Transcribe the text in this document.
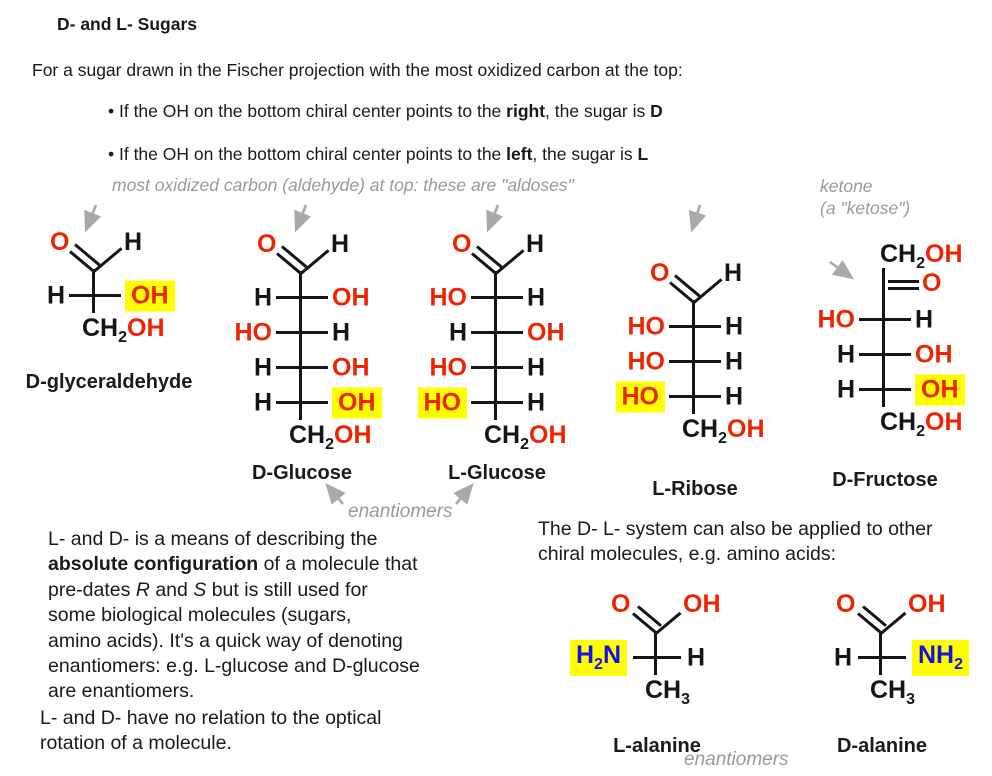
D- and L- Sugars
For a sugar drawn in the Fischer projection with the most oxidized carbon at the top:
• If the OH on the bottom chiral center points to the right, the sugar is D
• If the OH on the bottom chiral center points to the left, the sugar is L
most oxidized carbon (aldehyde) at top: these are "aldoses"	ketone
(a "ketose")
enantiomers
enantiomers
L- and D- is a means of describing the
absolute configuration of a molecule that
pre-dates R and S but is still used for
some biological molecules (sugars,
amino acids). It's a quick way of denoting
enantiomers: e.g. L-glucose and D-glucose
are enantiomers.
L- and D- have no relation to the optical
rotation of a molecule.
The D- L- system can also be applied to other
chiral molecules, e.g. amino acids:
O H
H	OH
$CH_2OH$
D-glyceraldehyde
O H
H OH
HO H
H OH
H	OH
$CH_2OH$
D-Glucose
O H
HO H
H OH
HO H
HO	H
$CH_2OH$
L-Glucose
O H
HO H
HO H
HO	H
$CH_2OH$
L-Ribose
$CH_2OH$
O
HO H
H OH
H	OH
$CH_2OH$
D-Fructose
O OH
$H_2N$	H
$CH_3$
L-alanine
O OH
H	$NH_2$
$CH_3$
D-alanine
